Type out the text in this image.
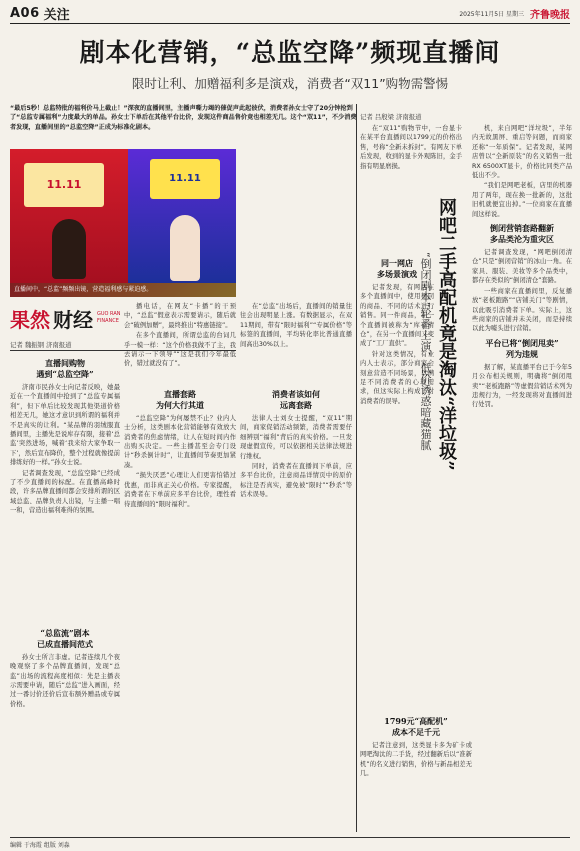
A06 关注	2025年11月5日 星期三 齐鲁晚报
剧本化营销，“总监空降”频现直播间
限时让利、加赠福利多是演戏，消费者“双11”购物需警惕
“最后5秒！总监特批的福利价马上截止！”深夜的直播间里，主播声嘶力竭的催促声此起彼伏，消费者孙女士守了20分钟抢到了“总监专属福利”力度最大的单品。孙女士下单后在其他平台比价，发现这件商品售价竟也相差无几。这个“双11”，不少消费者发现，直播间里的“总监空降”正成为标准化剧本。
11.11	11.11
直播间中，“总监”频频出镜，营造福利感与紧迫感。
果然 财经 GUO RAN
FINANCE
记者 魏振钢 济南报道
直播间购物
遇到“总监空降”

济南市民孙女士向记者反映，她最近在一个直播间中抢到了“总监专属福利”，但下单后比较发现其他渠道价格相差无几，她这才意识到所谓的福利并不是真实的让利。“某品牌的羽绒服直播间里，主播先是说库存有限，接着‘总监’突然进场，喊着‘我来给大家争取一下’，然后宣布降价，整个过程就像提前排练好的一样。”孙女士说。

记者调查发现，“总监空降”已经成了不少直播间的标配。在直播高峰时段，许多品牌直播间都会安排所谓的区域总监、品牌负责人出镜，与主播一唱一和，营造出福利难得的氛围。

“总监流”剧本
已成直播间范式

孙女士所言非虚。记者连续几个夜晚观察了多个品牌直播间，发现“总监”出场的流程高度相似：先是主播表示需要申请，随后“总监”进入画面，经过一番讨价还价后宣布额外赠品或专属价格。

播电话，在网友“卡播”的干预中，“总监”假意表示需要请示，随后就会“破例加赠”，最终推出“特惠链接”。

在多个直播间，所谓总监的台词几乎一模一样：“这个价格我做不了主，我去请示一下领导”“这是我们今年最低价，错过就没有了”。

直播套路
为何大行其道

“总监空降”为何屡禁不止？业内人士分析，这类剧本化营销能够有效放大消费者的焦虑情绪，让人在短时间内作出购买决定。一些主播甚至会专门设计“秒杀倒计时”，让直播间节奏更加紧凑。

“损失厌恶”心理让人们更害怕错过优惠，而非真正关心价格。专家提醒，消费者在下单前应多平台比价，理性看待直播间的“限时福利”。

在“总监”出场后，直播间的销量往往会出现明显上涨。有数据显示，在双11期间，带有“限时福利”“专属价格”等标签的直播间，平均转化率比普通直播间高出30%以上。

消费者该如何
远离套路

法律人士刘女士提醒，“双11”期间，商家促销活动频繁，消费者需要仔细辨别“福利”背后的真实价格。一旦发现虚假宣传，可以依据相关法律法规进行维权。

同时，消费者在直播间下单前，应多平台比价，注意商品详情页中的原价标注是否真实，避免被“限时”“秒杀”等话术误导。

记者 吕殷梁 济南报道

在“双11”购物节中，一台显卡在某平台直播间以1799元的价格出售，号称“全新未拆封”。有网友下单后发现，收到的显卡外观陈旧，金手指有明显磨损。

同一网店
多场景演戏

记者发现，有网店在多个直播间中，使用相同的商品、不同的话术进行销售。同一件商品，在一个直播间被称为“库存清仓”，在另一个直播间又变成了“工厂直供”。

针对这类情况，有业内人士表示，部分商家会刻意营造不同场景，以满足不同消费者的心理需求，但这实际上构成了对消费者的误导。	网吧二手高配机竟是淘汰“洋垃圾”
“倒闭剧本”轮番上演，低价诱惑暗藏猫腻
1799元“高配机”
成本不足千元

记者注意到，这类显卡多为矿卡或网吧淘汰的二手货，经过翻新后以“准新机”的名义进行销售，价格与新品相差无几。

机，来自网吧“洋垃圾”，半年内无故黑屏、重启等问题，而商家还称“一年质保”。记者发现，某网店曾以“全新原装”的名义销售一批RX 6500XT显卡，价格比同类产品低出不少。

“我们是网吧老板，店里的机器用了两年，现在换一批新的，这批旧机就便宜出掉。”一位商家在直播间这样说。

倒闭营销套路翻新
多品类沦为重灾区

记者调查发现，“网吧倒闭清仓”只是“倒闭营销”的冰山一角。在家具、服装、美妆等多个品类中，都存在类似的“倒闭清仓”套路。

一些商家在直播间里，反复播放“老板跑路”“店铺关门”等剧情，以此吸引消费者下单。实际上，这些商家的店铺并未关闭，而是持续以此为噱头进行营销。

平台已将“倒闭甩卖”
列为违规

据了解，某直播平台已于今年5月公布相关规则，明确将“倒闭甩卖”“老板跑路”等虚假营销话术列为违规行为，一经发现将对直播间进行处罚。

编辑 于海霞 组版 刘淼
